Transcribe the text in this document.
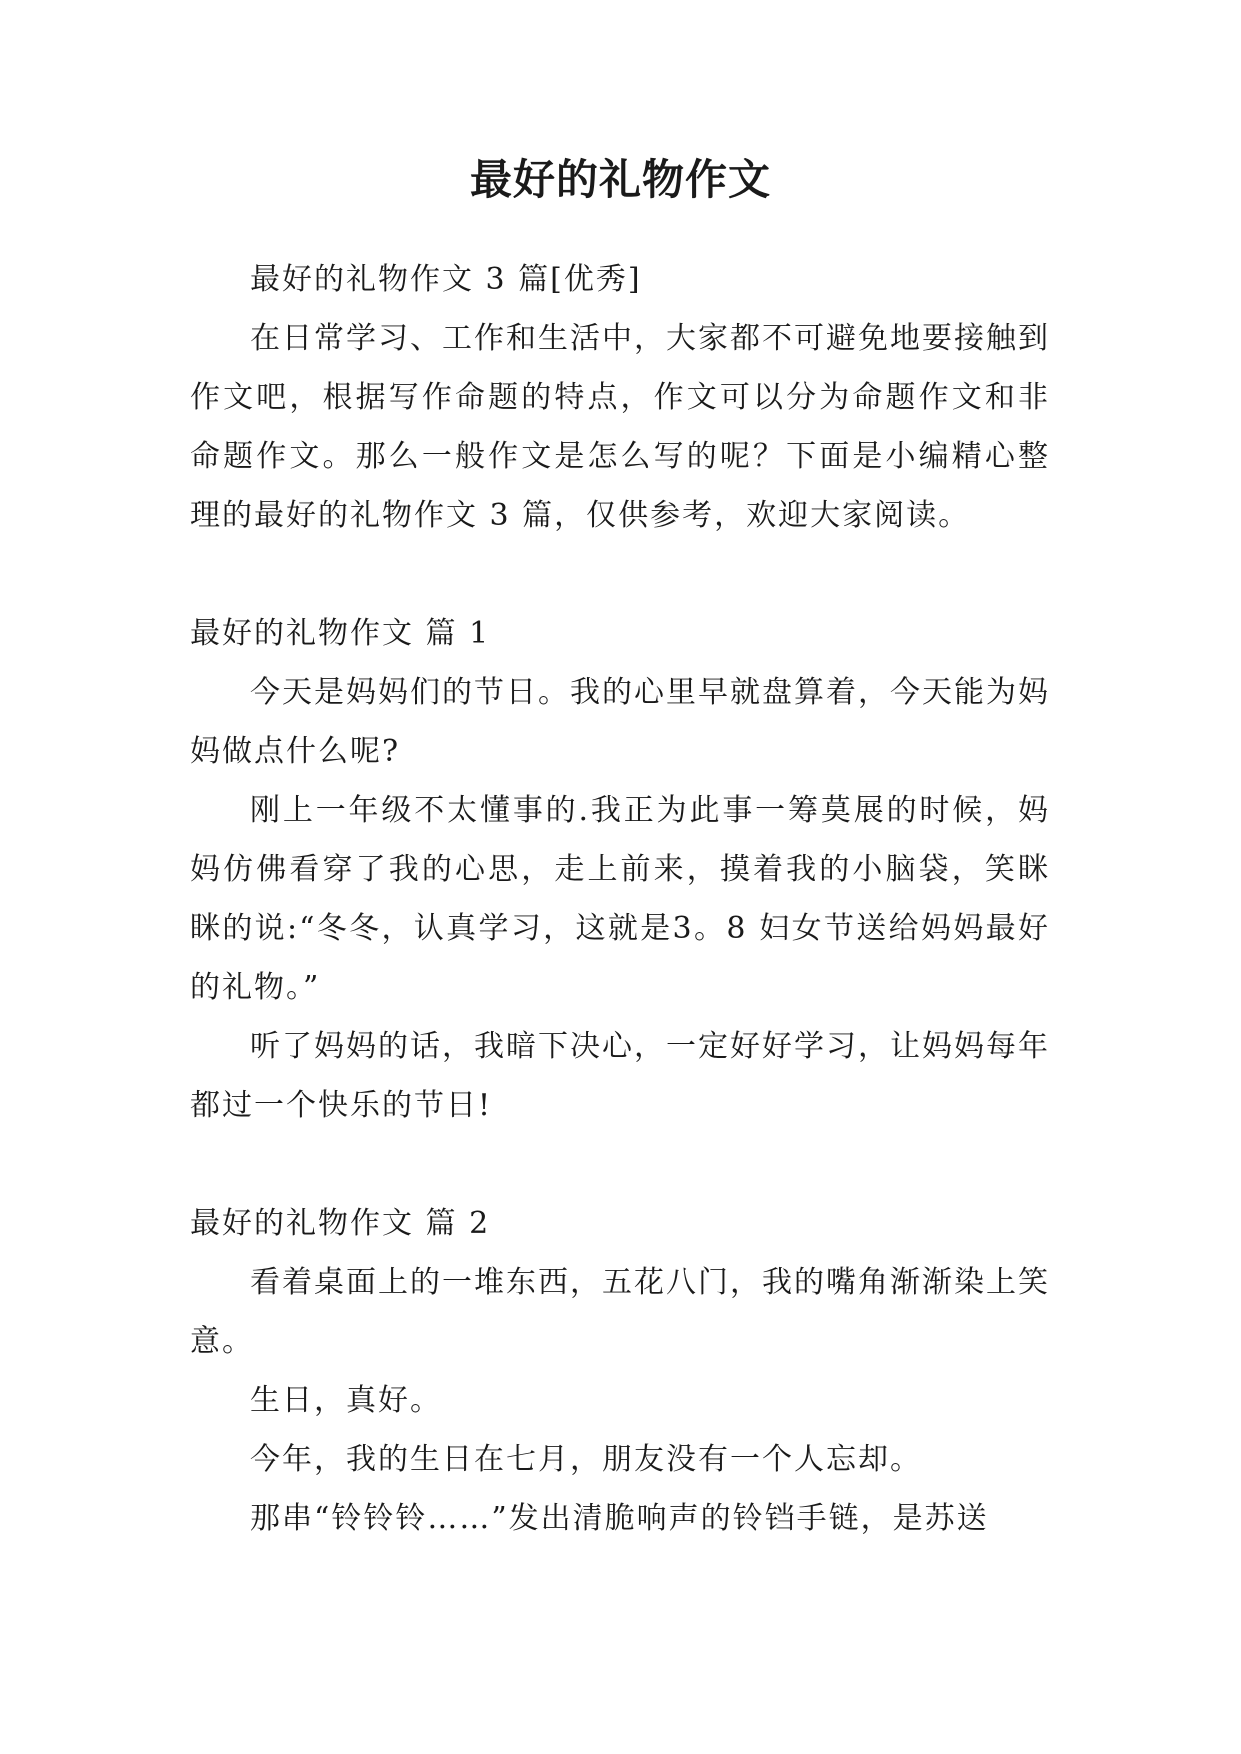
最好的礼物作文

最好的礼物作文 3 篇[优秀]

在日常学习、工作和生活中，大家都不可避免地要接触到作文吧，根据写作命题的特点，作文可以分为命题作文和非命题作文。那么一般作文是怎么写的呢？下面是小编精心整理的最好的礼物作文 3 篇，仅供参考，欢迎大家阅读。

最好的礼物作文 篇 1

今天是妈妈们的节日。我的心里早就盘算着，今天能为妈妈做点什么呢?

刚上一年级不太懂事的.我正为此事一筹莫展的时候，妈妈仿佛看穿了我的心思，走上前来，摸着我的小脑袋，笑眯眯的说:“冬冬，认真学习，这就是3。8 妇女节送给妈妈最好的礼物。”

听了妈妈的话，我暗下决心，一定好好学习，让妈妈每年都过一个快乐的节日!

最好的礼物作文 篇 2

看着桌面上的一堆东西，五花八门，我的嘴角渐渐染上笑意。

生日，真好。

今年，我的生日在七月，朋友没有一个人忘却。

那串“铃铃铃……”发出清脆响声的铃铛手链，是苏送
